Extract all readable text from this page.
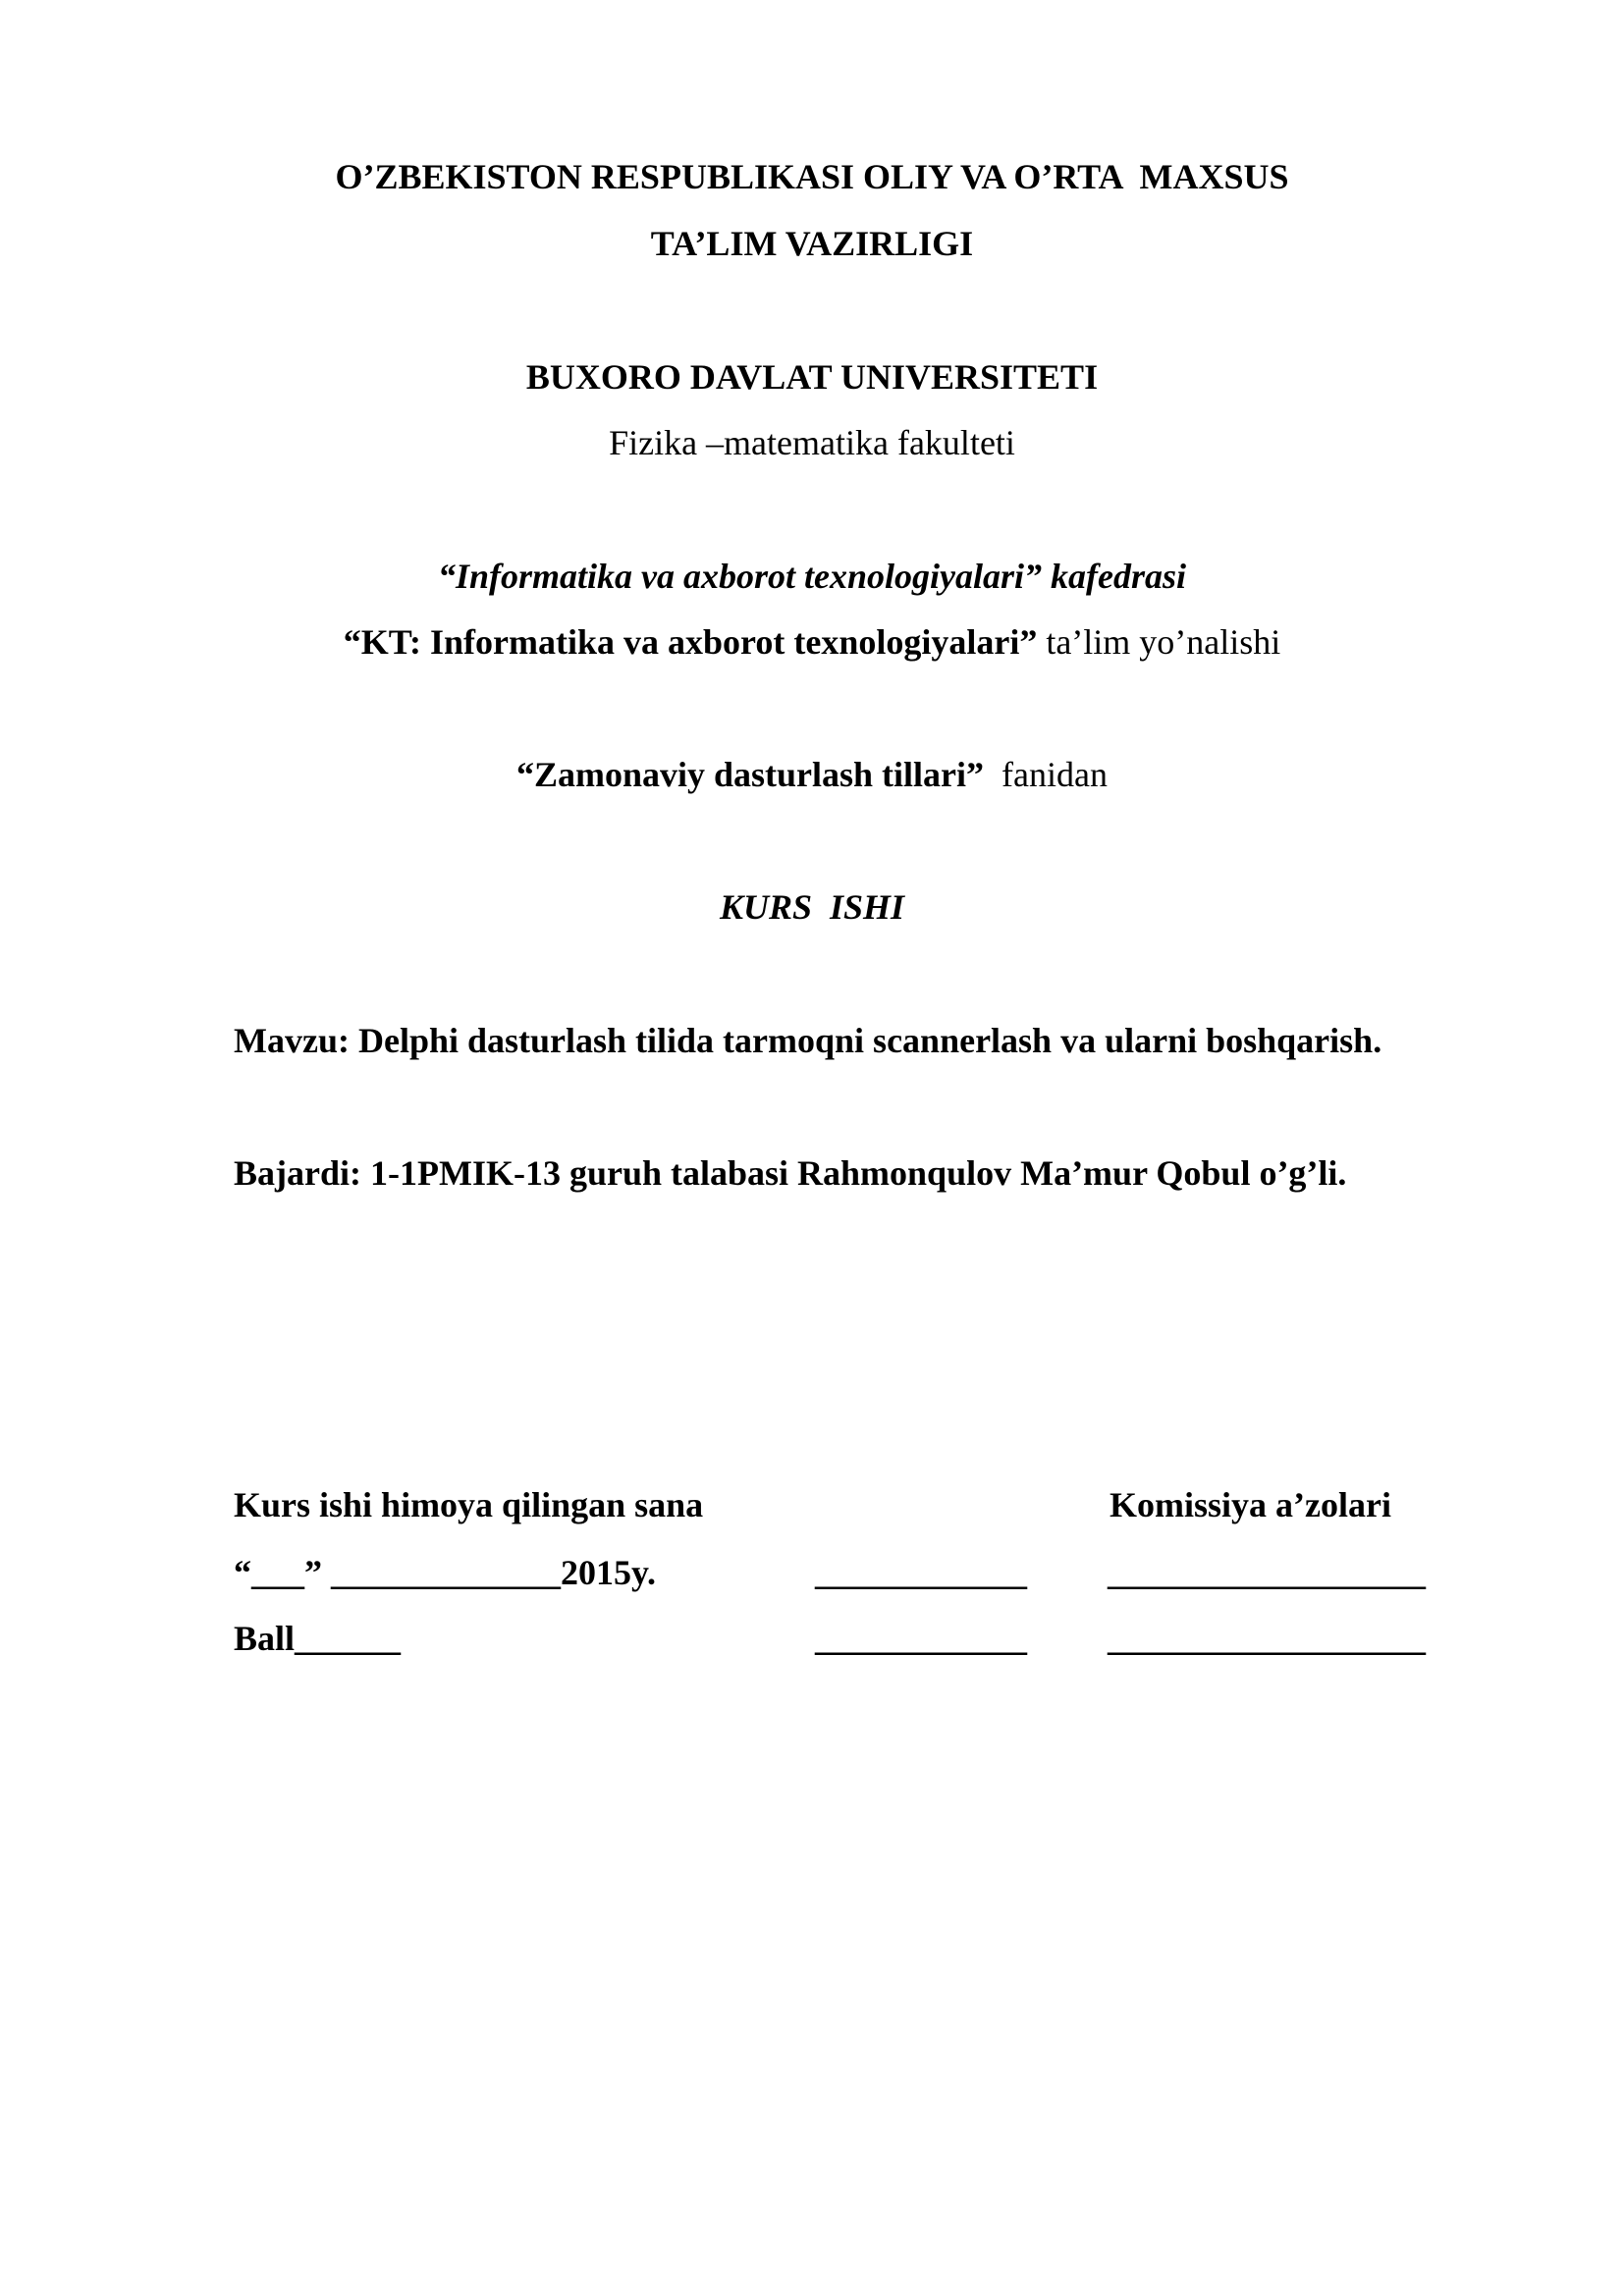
O’ZBEKISTON RESPUBLIKASI OLIY VA O’RTA  MAXSUS
TA’LIM VAZIRLIGI
BUXORO DAVLAT UNIVERSITETI
Fizika –matematika fakulteti
“Informatika va axborot texnologiyalari” kafedrasi
“KT: Informatika va axborot texnologiyalari” ta’lim yo’nalishi
“Zamonaviy dasturlash tillari”  fanidan
KURS  ISHI
Mavzu: Delphi dasturlash tilida tarmoqni scannerlash va ularni boshqarish.
Bajardi: 1-1PMIK-13 guruh talabasi Rahmonqulov Ma’mur Qobul o’g’li.
Kurs ishi himoya qilingan sana	Komissiya a’zolari
“___” _____________2015y.	____________ __________________
Ball______	____________ __________________
